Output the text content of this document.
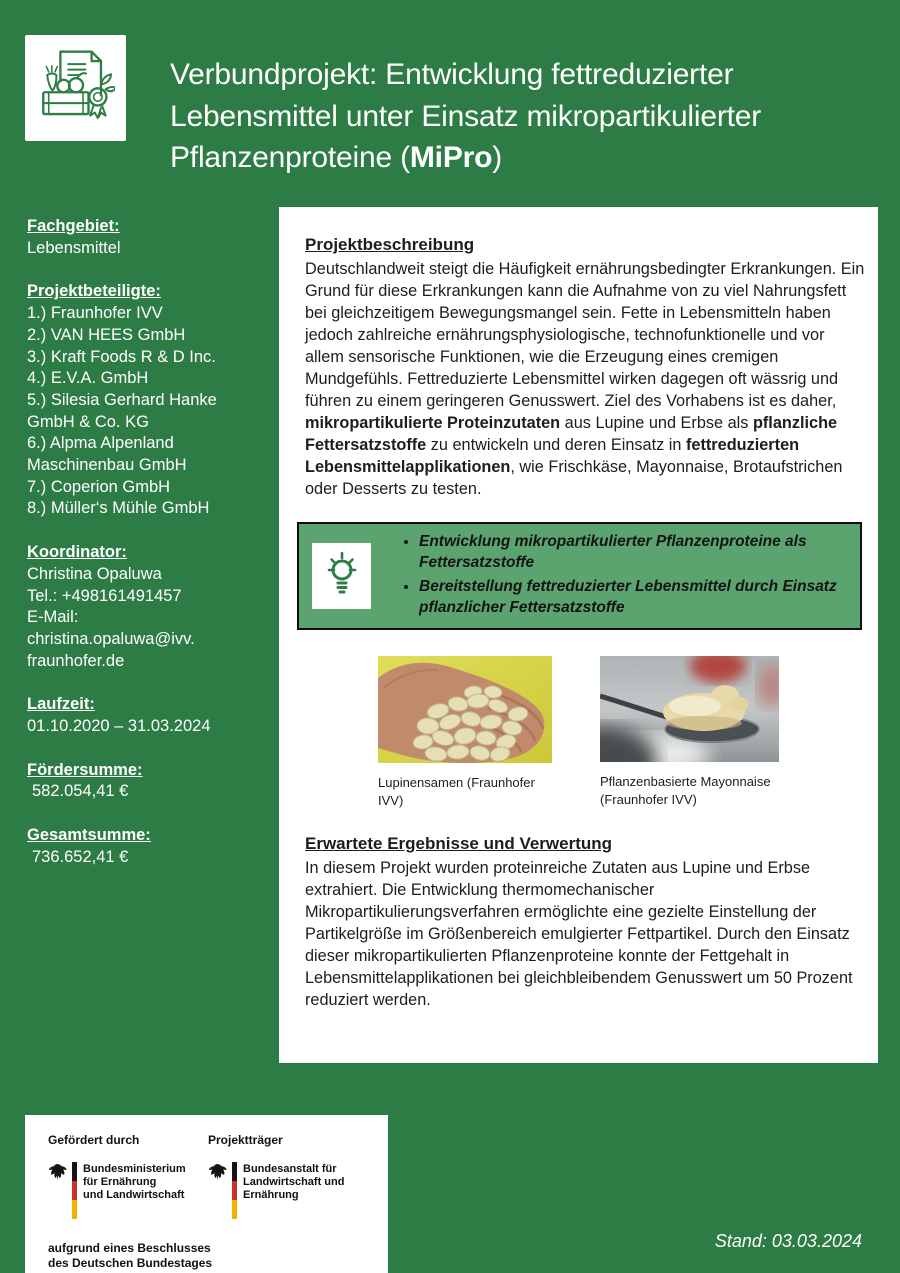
Verbundprojekt: Entwicklung fettreduzierter
Lebensmittel unter Einsatz mikropartikulierter
Pflanzenproteine (MiPro)
Fachgebiet:
Lebensmittel
Projektbeteiligte:
1.) Fraunhofer IVV
2.) VAN HEES GmbH
3.) Kraft Foods R & D Inc.
4.) E.V.A. GmbH
5.) Silesia Gerhard Hanke GmbH & Co. KG
6.) Alpma Alpenland Maschinenbau GmbH
7.) Coperion GmbH
8.) Müller‘s Mühle GmbH
Koordinator:
Christina Opaluwa
Tel.: +498161491457
E-Mail:
christina.opaluwa@ivv.
fraunhofer.de
Laufzeit:
01.10.2020 – 31.03.2024
Fördersumme:
582.054,41 €
Gesamtsumme:
736.652,41 €
Projektbeschreibung

Deutschlandweit steigt die Häufigkeit ernährungsbedingter Erkrankungen. Ein Grund für diese Erkrankungen kann die Aufnahme von zu viel Nahrungsfett bei gleichzeitigem Bewegungsmangel sein. Fette in Lebensmitteln haben jedoch zahlreiche ernährungsphysiologische, technofunktionelle und vor allem sensorische Funktionen, wie die Erzeugung eines cremigen Mundgefühls. Fettreduzierte Lebensmittel wirken dagegen oft wässrig und führen zu einem geringeren Genusswert. Ziel des Vorhabens ist es daher, mikropartikulierte Proteinzutaten aus Lupine und Erbse als pflanzliche Fettersatzstoffe zu entwickeln und deren Einsatz in fettreduzierten Lebensmittelapplikationen, wie Frischkäse, Mayonnaise, Brotaufstrichen oder Desserts zu testen.

• Entwicklung mikropartikulierter Pflanzenproteine als Fettersatzstoffe
• Bereitstellung fettreduzierter Lebensmittel durch Einsatz pflanzlicher Fettersatzstoffe
Lupinensamen (Fraunhofer IVV)
Pflanzenbasierte Mayonnaise (Fraunhofer IVV)
Erwartete Ergebnisse und Verwertung

In diesem Projekt wurden proteinreiche Zutaten aus Lupine und Erbse extrahiert. Die Entwicklung thermomechanischer Mikropartikulierungsverfahren ermöglichte eine gezielte Einstellung der Partikelgröße im Größenbereich emulgierter Fettpartikel. Durch den Einsatz dieser mikropartikulierten Pflanzenproteine konnte der Fettgehalt in Lebensmittelapplikationen bei gleichbleibendem Genusswert um 50 Prozent reduziert werden.

Gefördert durch
Bundesministerium
für Ernährung
und Landwirtschaft
Projektträger
Bundesanstalt für
Landwirtschaft und Ernährung
aufgrund eines Beschlusses
des Deutschen Bundestages
Stand: 03.03.2024
